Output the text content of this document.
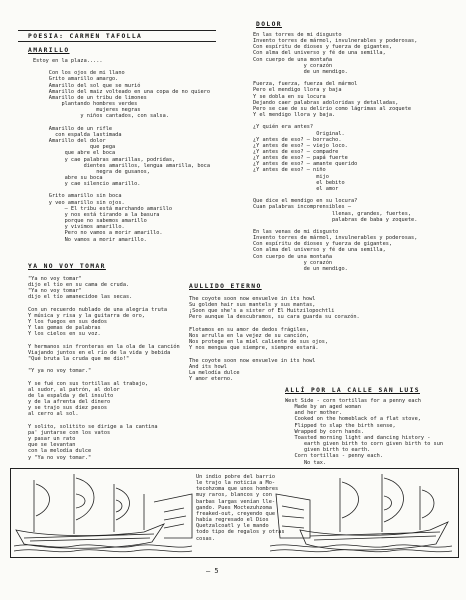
POESIA: CARMEN TAFOLLA
AMARILLO
Estoy en la plaza.....

Con los ojos de mi llano
Grito amarillo amargo.
Amarillo del sol que se murió
Amarillo del maiz volteado en una copa de no quiero
Amarillo de un tribu de limones
plantando hombres verdes
mujeres negras
y niños cantados, con salsa.

Amarillo de un rifle
con espalda lastimada
Amarillo del dolor
que pega
que abre el boca
y cae palabras amarillas, podridas,
dientes amarillos, lengua amarilla, boca
negra de gusanos,
abre su boca
y cae silencio amarillo.

Grito amarillo sin boca
y veo amarillo sin ojos.
— El tribu está marchando amarillo
y nos está tirando a la basura
porque no sabemos amarillo
y vivimos amarillo.
Pero no vamos a morir amarillo.
No vamos a morir amarillo.
YA NO VOY TOMAR
"Ya no voy tomar"
dijo el tío en su cama de cruda.
"Ya no voy tomar"
dijo el tío amanecidoe las secas.

Con un recuerdo nublado de una alegria truta
Y música y risa y la guitarra de oro,
Y los fuegos en sus dedos
Y las gemas de palabras
Y los cielos en su voz.

Y hermanos sin fronteras en la ola de la canción
Viajando juntos en el río de la vida y bebida
"Qué bruta la cruda que me dio!"

"Y ya no voy tomar."

Y se fué con sus tortillas al trabajo,
al sudor, al patrón, al dolor
de la espalda y del insulto
y de la afrenta del dinero
y se trajo sus diez pesos
al cerro al sol.

Y solito, solitito se dirige a la cantina
pa' juntarse con los vatos
y pasar un rato
que se levantan
con la melodía dulce
y "Ya no voy tomar."
DOLOR
En las torres de mi disgusto
Invento torres de mármol, invulnerables y poderosas,
Con espíritu de dioses y fuerza de gigantes,
Con alma del universo y fé de una semilla,
Con cuerpo de una montaña
y corazón
de un mendigo.

Fuerza, fuerza, fuerza del mármol
Pero el mendigo llora y baja
Y se dobla en su locura
Dejando caer palabras adoloridas y detalladas,
Pero se cae de su delirio como lágrimas al zoquete
Y el mendigo llora y baja.

¿Y quién era antes?
Original.
¿Y antes de eso? — borracho.
¿Y antes de eso? — viejo loco.
¿Y antes de eso? — compadre
¿Y antes de eso? — papá fuerte
¿Y antes de eso? — amante querido
¿Y antes de eso? — niño
mijo
el bebito
el amor

Que dice el mendigo en su locura?
Cuan palabras incomprensibles —
llenas, grandes, fuertes,
palabras de baba y zoquete.

En las venas de mi disgusto
Invento torres de mármol, invulnerables y poderosas,
Con espíritu de dioses y fuerza de gigantes,
Con alma del universo y fé de una semilla,
Con cuerpo de una montaña
y corazón
de un mendigo.
AULLIDO ETERNO
The coyote soon now envuelve in its howl
Su golden hair sus mantels y sus mantas,
¡Soon que she's a sister of El Huitzilopochtli
Pero aunque la descubramos, su cara guarda su corazón.

Flotamos en su amor de dedos frágiles,
Nos arrulla en la vejez de su canción,
Nos protege en la miel caliente de sus ojos,
Y nos mengua que siempre, siempre estará.

The coyote soon now envuelve in its howl
And its howl
La melodía dulce
Y amor eterno.
ALLÍ POR LA CALLE SAN LUIS
West Side - corn tortillas for a penny each
Made by an aged woman
and her mother.
Cooked on the homeblack of a flat stove,
Flipped to slap the birth sense,
Wrapped by corn hands.
Toasted morning light and dancing history -
earth given birth to corn given birth to sun
given birth to earth.
Corn tortillas - penny each.
No tax.
Un indio pobre del barrio
le trajo la noticia a Mo-
tecohzoma que unos hombres
muy raros, blancos y con
barbas largas venían lle-
gando. Pues Moctezuhzoma
freaked-out, creyendo que
había regresado el Dios
Quetzalcoatl y le mando
todo tipo de regalos y otras
cosas.
— 5
